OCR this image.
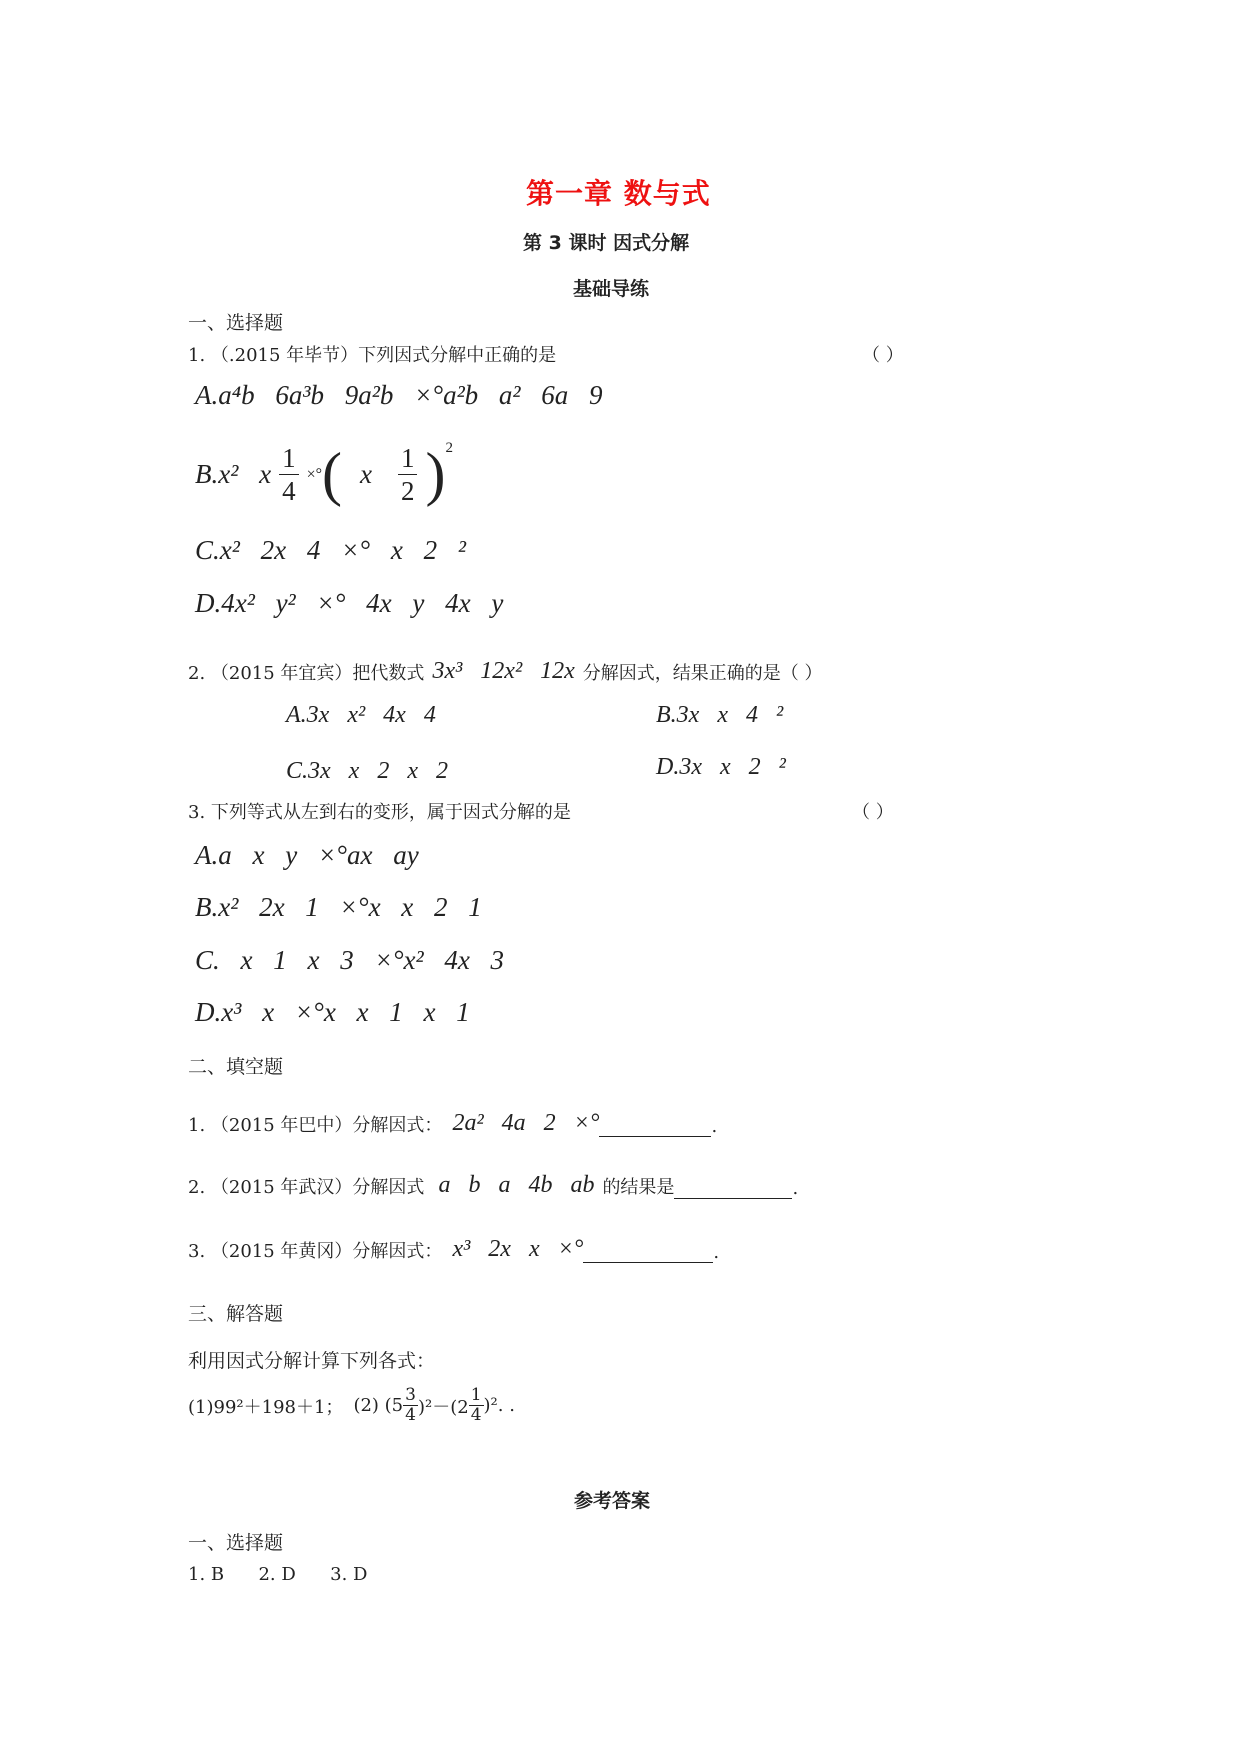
第一章 数与式
第 3 课时 因式分解
基础导练
一、选择题
1. （.2015 年毕节）下列因式分解中正确的是	（ ）
A.a⁴b 6a³b 9a²b ×°a²b a² 6a 9
B.x² x $\frac{1}{4}$ ×° ( x $\frac{1}{2}$ ) 2
C.x² 2x 4 ×° x 2 ²
D.4x² y² ×° 4x y 4x y
2. （2015 年宜宾）把代数式 3x³ 12x² 12x 分解因式，结果正确的是（ ）
A.3x x² 4x 4	B.3x x 4 ²
C.3x x 2 x 2	D.3x x 2 ²
3. 下列等式从左到右的变形，属于因式分解的是	（ ）
A.a x y ×°ax ay
B.x² 2x 1 ×°x x 2 1
C. x 1 x 3 ×°x² 4x 3
D.x³ x ×°x x 1 x 1
二、填空题
1. （2015 年巴中）分解因式： 2a² 4a 2 ×°	.
2. （2015 年武汉）分解因式 a b a 4b ab 的结果是	.
3. （2015 年黄冈）分解因式： x³ 2x x ×°	.
三、解答题
利用因式分解计算下列各式：
(1)99²＋198＋1； (2) $(5 \frac{3}{4} )^2-(2 \frac{1}{4} )^2$. .
参考答案
一、选择题
1. B      2. D      3. D
